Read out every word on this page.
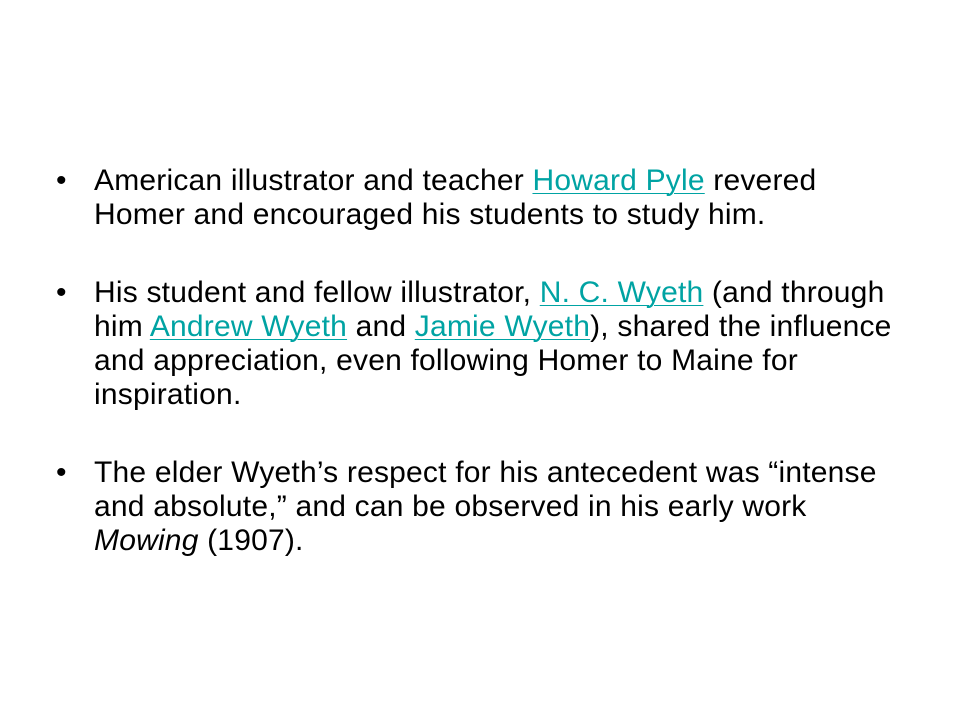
• American illustrator and teacher Howard Pyle revered Homer and encouraged his students to study him.
• His student and fellow illustrator, N. C. Wyeth (and through him Andrew Wyeth and Jamie Wyeth), shared the influence and appreciation, even following Homer to Maine for inspiration.
• The elder Wyeth’s respect for his antecedent was “intense and absolute,” and can be observed in his early work Mowing (1907).
